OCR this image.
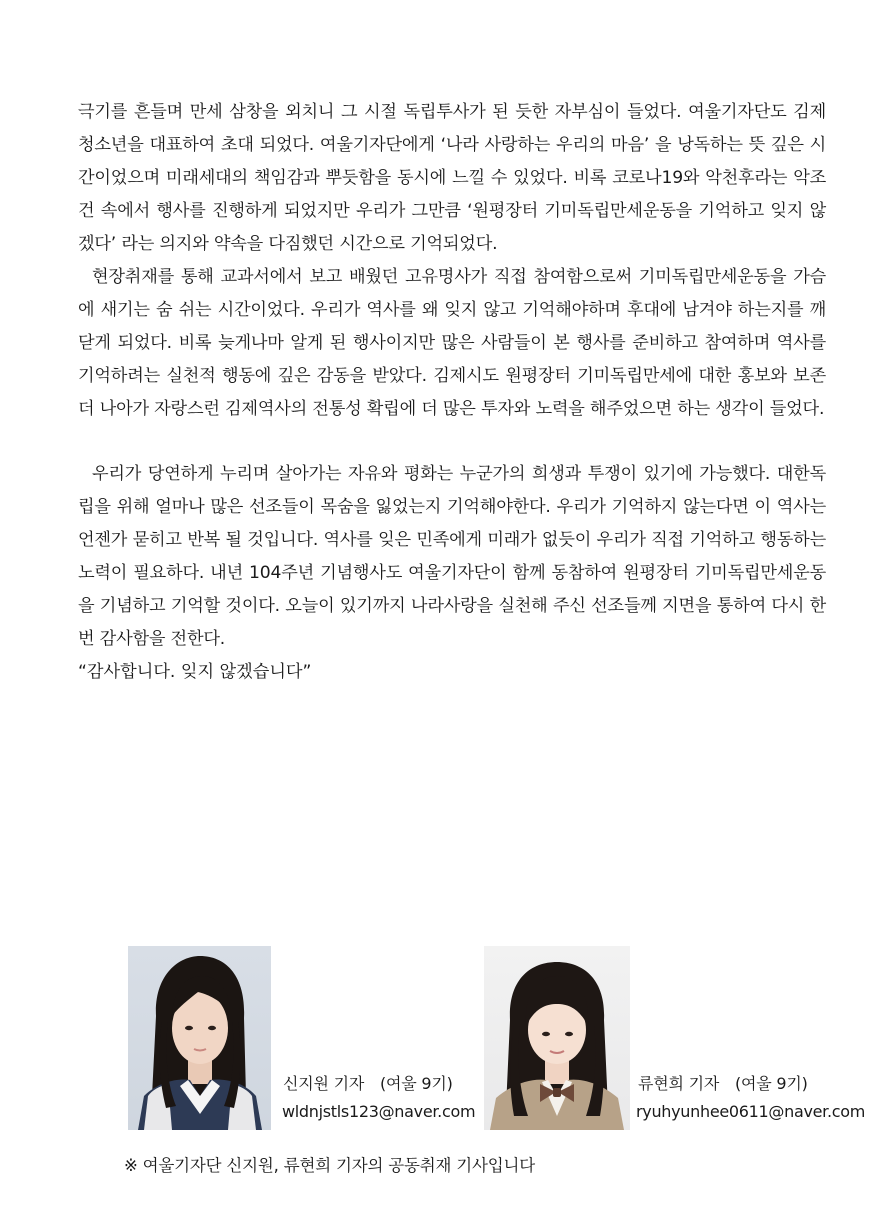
극기를 흔들며 만세 삼창을 외치니 그 시절 독립투사가 된 듯한 자부심이 들었다. 여울기자단도 김제 청소년을 대표하여 초대 되었다. 여울기자단에게 ‘나라 사랑하는 우리의 마음’ 을 낭독하는 뜻 깊은 시간이었으며 미래세대의 책임감과 뿌듯함을 동시에 느낄 수 있었다. 비록 코로나19와 악천후라는 악조건 속에서 행사를 진행하게 되었지만 우리가 그만큼 ‘원평장터 기미독립만세운동을 기억하고 잊지 않겠다’ 라는 의지와 약속을 다짐했던 시간으로 기억되었다.

현장취재를 통해 교과서에서 보고 배웠던 고유명사가 직접 참여함으로써 기미독립만세운동을 가슴에 새기는 숨 쉬는 시간이었다. 우리가 역사를 왜 잊지 않고 기억해야하며 후대에 남겨야 하는지를 깨닫게 되었다. 비록 늦게나마 알게 된 행사이지만 많은 사람들이 본 행사를 준비하고 참여하며 역사를 기억하려는 실천적 행동에 깊은 감동을 받았다. 김제시도 원평장터 기미독립만세에 대한 홍보와 보존 더 나아가 자랑스런 김제역사의 전통성 확립에 더 많은 투자와 노력을 해주었으면 하는 생각이 들었다.

우리가 당연하게 누리며 살아가는 자유와 평화는 누군가의 희생과 투쟁이 있기에 가능했다. 대한독립을 위해 얼마나 많은 선조들이 목숨을 잃었는지 기억해야한다. 우리가 기억하지 않는다면 이 역사는 언젠가 묻히고 반복 될 것입니다. 역사를 잊은 민족에게 미래가 없듯이 우리가 직접 기억하고 행동하는 노력이 필요하다. 내년 104주년 기념행사도 여울기자단이 함께 동참하여 원평장터 기미독립만세운동을 기념하고 기억할 것이다. 오늘이 있기까지 나라사랑을 실천해 주신 선조들께 지면을 통하여 다시 한 번 감사함을 전한다.

“감사합니다. 잊지 않겠습니다”

신지원 기자　(여울 9기)
wldnjstls123@naver.com
류현희 기자　(여울 9기)
ryuhyunhee0611@naver.com
※ 여울기자단 신지원, 류현희 기자의 공동취재 기사입니다
